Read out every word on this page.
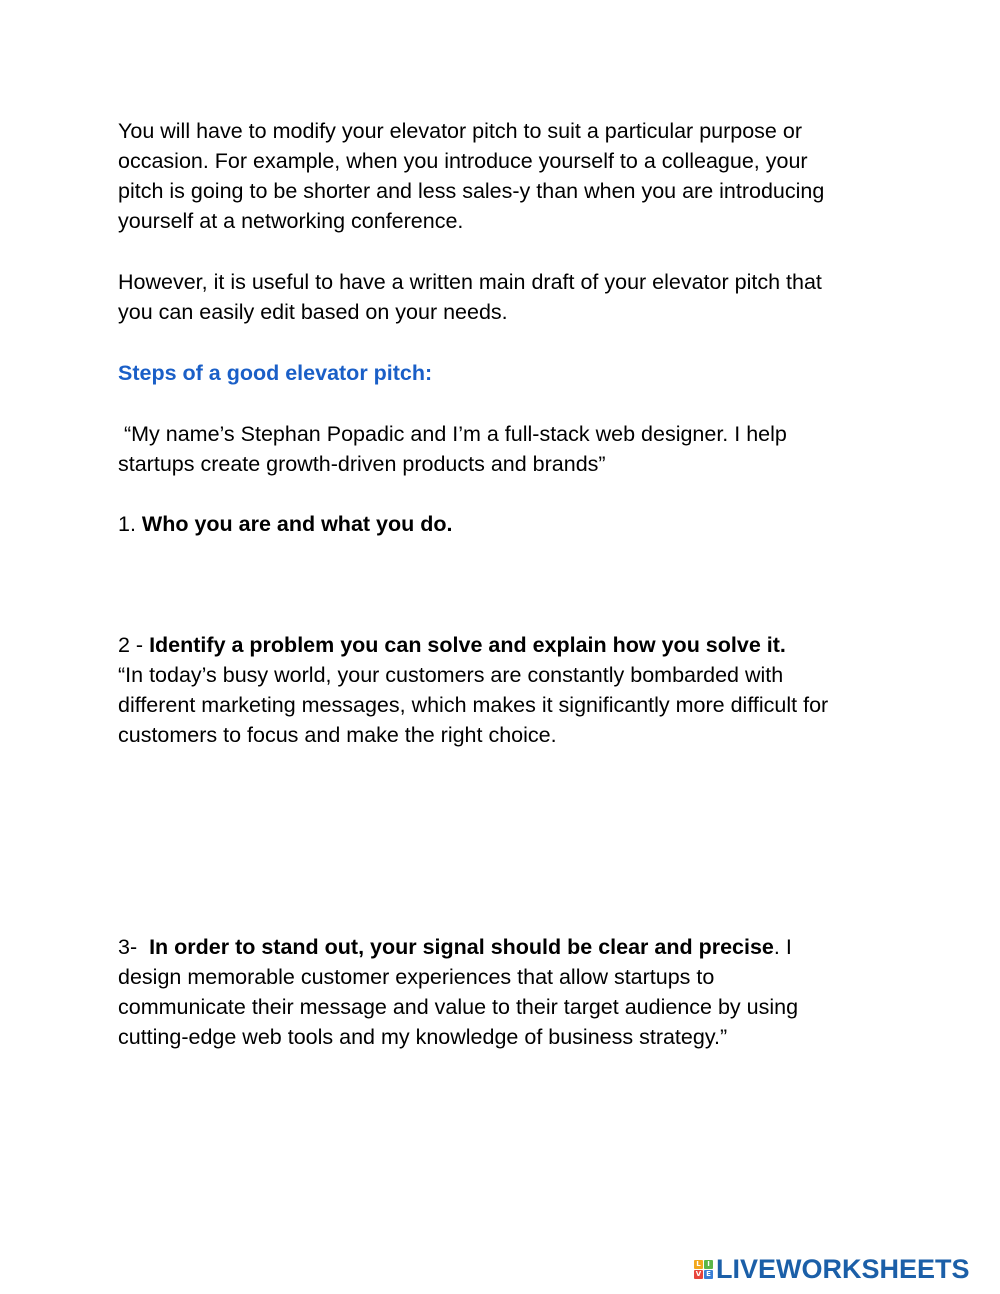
You will have to modify your elevator pitch to suit a particular purpose or
occasion. For example, when you introduce yourself to a colleague, your
pitch is going to be shorter and less sales-y than when you are introducing
yourself at a networking conference.
However, it is useful to have a written main draft of your elevator pitch that
you can easily edit based on your needs.
Steps of a good elevator pitch:
“My name’s Stephan Popadic and I’m a full-stack web designer. I help
startups create growth-driven products and brands”
1. Who you are and what you do.
2 - Identify a problem you can solve and explain how you solve it.
“In today’s busy world, your customers are constantly bombarded with
different marketing messages, which makes it significantly more difficult for
customers to focus and make the right choice.
3-  In order to stand out, your signal should be clear and precise. I
design memorable customer experiences that allow startups to
communicate their message and value to their target audience by using
cutting-edge web tools and my knowledge of business strategy.”
L I
V E LIVEWORKSHEETS
